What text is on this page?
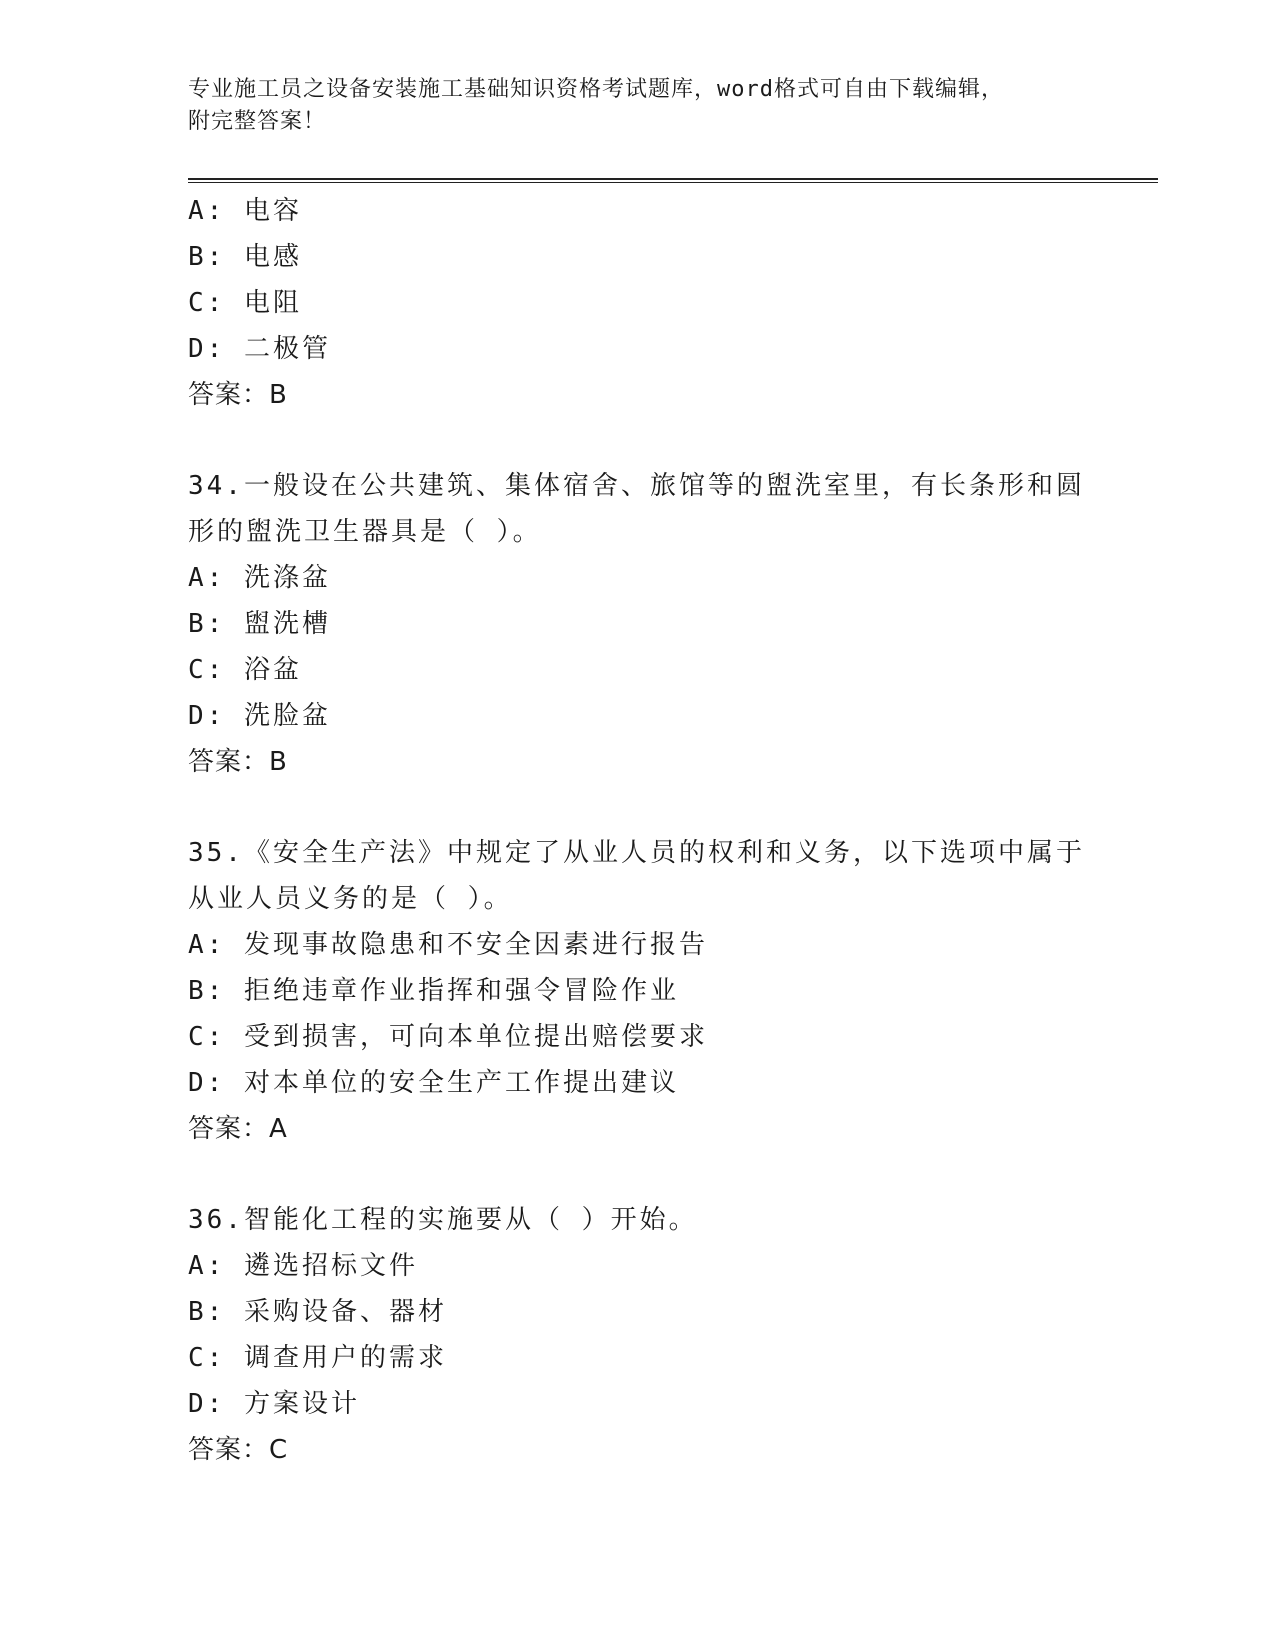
专业施工员之设备安装施工基础知识资格考试题库，word格式可自由下载编辑，
附完整答案！
A: 电容
B: 电感
C: 电阻
D: 二极管
答案：B
34.一般设在公共建筑、集体宿舍、旅馆等的盥洗室里，有长条形和圆
形的盥洗卫生器具是（ ）。
A: 洗涤盆
B: 盥洗槽
C: 浴盆
D: 洗脸盆
答案：B
35.《安全生产法》中规定了从业人员的权利和义务，以下选项中属于
从业人员义务的是（ ）。
A: 发现事故隐患和不安全因素进行报告
B: 拒绝违章作业指挥和强令冒险作业
C: 受到损害，可向本单位提出赔偿要求
D: 对本单位的安全生产工作提出建议
答案：A
36.智能化工程的实施要从（ ）开始。
A: 遴选招标文件
B: 采购设备、器材
C: 调查用户的需求
D: 方案设计
答案：C
